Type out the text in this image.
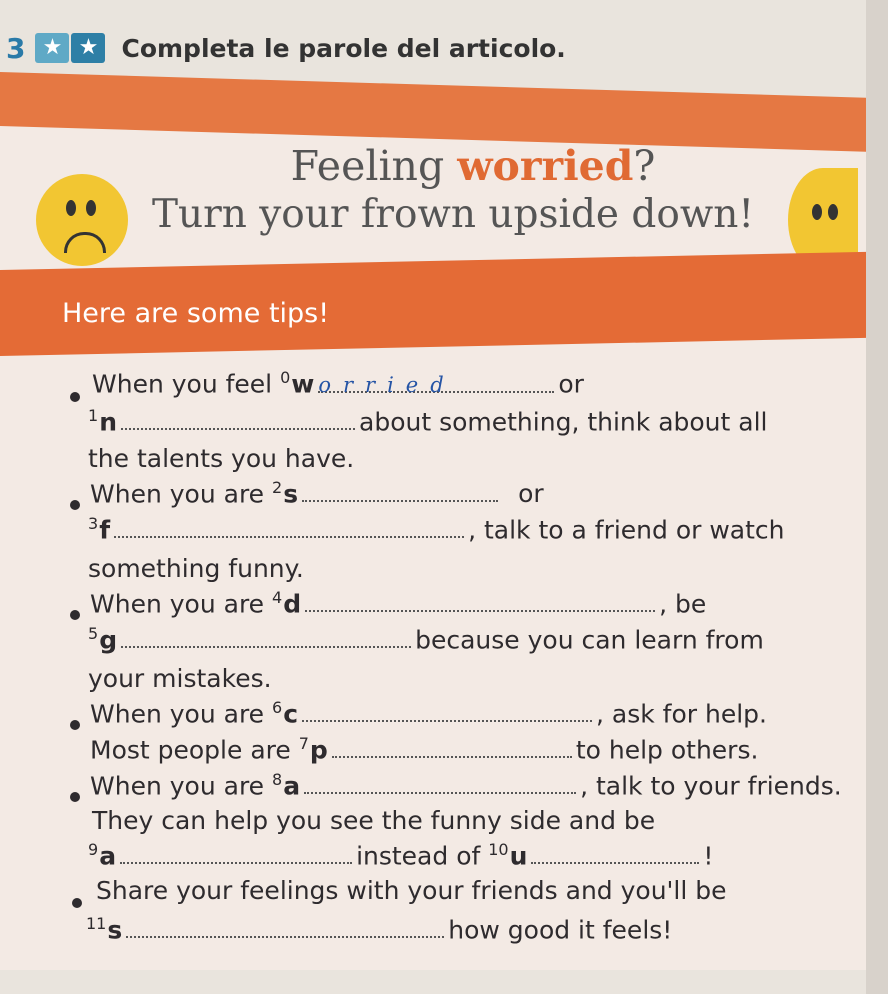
3 ★ ★ Completa le parole del articolo.
Feeling worried?
Turn your frown upside down!
Here are some tips!
When you feel $^0$w orried	or
$^1$n	about something, think about all
the talents you have.
When you are $^2$s	or
$^3$f	, talk to a friend or watch
something funny.
When you are $^4$d	, be
$^5$g	because you can learn from
your mistakes.
When you are $^6$c	, ask for help.
Most people are $^7$p	to help others.
When you are $^8$a	, talk to your friends.
They can help you see the funny side and be
$^9$a	instead of $^{10}$u	!
Share your feelings with your friends and you'll be
$^{11}$s	how good it feels!
